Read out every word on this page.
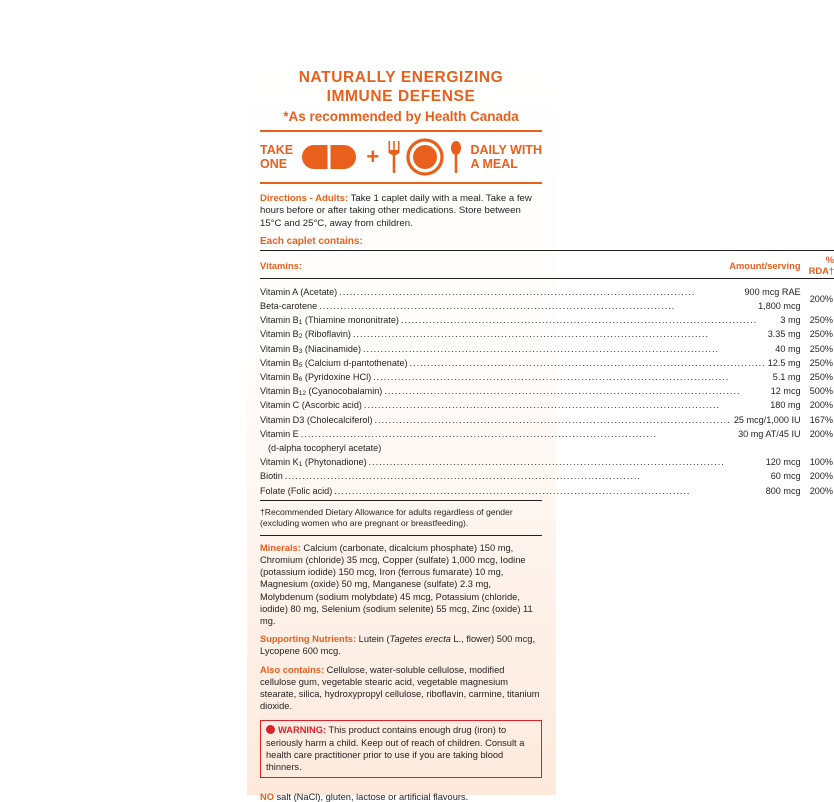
NATURALLY ENERGIZING
IMMUNE DEFENSE
*As recommended by Health Canada
TAKE
ONE	+	DAILY WITH
A MEAL
Directions - Adults: Take 1 caplet daily with a meal. Take a few hours before or after taking other medications. Store between 15°C and 25°C, away from children.
Each caplet contains:
Vitamins:	Amount/serving	% RDA†

Vitamin A (Acetate) ..... 900 mcg RAE		200%

Beta-carotene ..... 1,800 mcg

Vitamin $B_1$ (Thiamine mononitrate) ..... 3 mg		250%

Vitamin $B_2$ (Riboflavin) ..... 3.35 mg		250%

Vitamin $B_3$ (Niacinamide) ..... 40 mg		250%

Vitamin $B_5$ (Calcium d-pantothenate) ..... 12.5 mg		250%

Vitamin $B_6$ (Pyridoxine HCl) ..... 5.1 mg		250%

Vitamin $B_{12}$ (Cyanocobalamin) ..... 12 mcg		500%

Vitamin C (Ascorbic acid) ..... 180 mg		200%

Vitamin D3 (Cholecalciferol) ..... 25 mcg/1,000 IU		167%

Vitamin E ..... 30 mg AT/45 IU		200%

(d-alpha tocopheryl acetate)		

Vitamin $K_1$ (Phytonadione) ..... 120 mcg		100%

Biotin ..... 60 mcg		200%

Folate (Folic acid) ..... 800 mcg		200%
†Recommended Dietary Allowance for adults regardless of gender (excluding women who are pregnant or breastfeeding).
Minerals: Calcium (carbonate, dicalcium phosphate) 150 mg, Chromium (chloride) 35 mcg, Copper (sulfate) 1,000 mcg, Iodine (potassium iodide) 150 mcg, Iron (ferrous fumarate) 10 mg, Magnesium (oxide) 50 mg, Manganese (sulfate) 2.3 mg, Molybdenum (sodium molybdate) 45 mcg, Potassium (chloride, iodide) 80 mg, Selenium (sodium selenite) 55 mcg, Zinc (oxide) 11 mg.
Supporting Nutrients: Lutein (Tagetes erecta L., flower) 500 mcg, Lycopene 600 mcg.
Also contains: Cellulose, water-soluble cellulose, modified cellulose gum, vegetable stearic acid, vegetable magnesium stearate, silica, hydroxypropyl cellulose, riboflavin, carmine, titanium dioxide.
WARNING: This product contains enough drug (iron) to seriously harm a child. Keep out of reach of children. Consult a health care practitioner prior to use if you are taking blood thinners.
NO salt (NaCl), gluten, lactose or artificial flavours.
